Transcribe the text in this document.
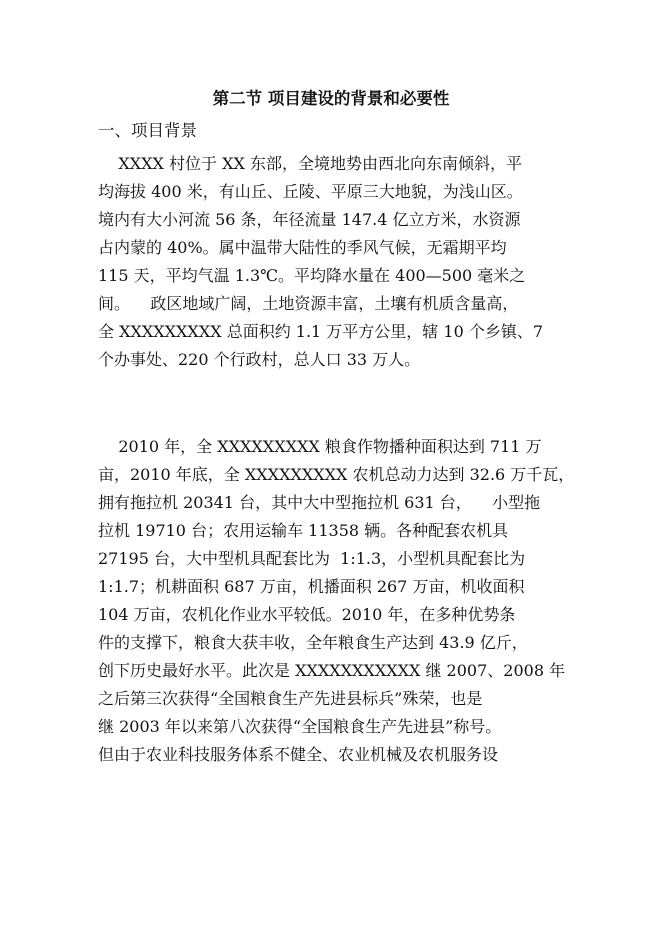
第二节 项目建设的背景和必要性
一、项目背景
XXXX 村位于 XX 东部，全境地势由西北向东南倾斜，平
均海拔 400 米，有山丘、丘陵、平原三大地貌，为浅山区。
境内有大小河流 56 条，年径流量 147.4 亿立方米，水资源
占内蒙的 40%。属中温带大陆性的季风气候，无霜期平均
115 天，平均气温 1.3℃。平均降水量在 400—500 毫米之
间。    政区地域广阔，土地资源丰富，土壤有机质含量高，
全 XXXXXXXXX 总面积约 1.1 万平方公里，辖 10 个乡镇、7
个办事处、220 个行政村，总人口 33 万人。
2010 年，全 XXXXXXXXX 粮食作物播种面积达到 711 万
亩，2010 年底，全 XXXXXXXXX 农机总动力达到 32.6 万千瓦，
拥有拖拉机 20341 台，其中大中型拖拉机 631 台，    小型拖
拉机 19710 台；农用运输车 11358 辆。各种配套农机具
27195 台，大中型机具配套比为  1:1.3，小型机具配套比为
1:1.7；机耕面积 687 万亩，机播面积 267 万亩，机收面积
104 万亩，农机化作业水平较低。2010 年，在多种优势条
件的支撑下，粮食大获丰收，全年粮食生产达到 43.9 亿斤，
创下历史最好水平。此次是 XXXXXXXXXXX 继 2007、2008 年
之后第三次获得“全国粮食生产先进县标兵”殊荣，也是
继 2003 年以来第八次获得“全国粮食生产先进县”称号。
但由于农业科技服务体系不健全、农业机械及农机服务设
